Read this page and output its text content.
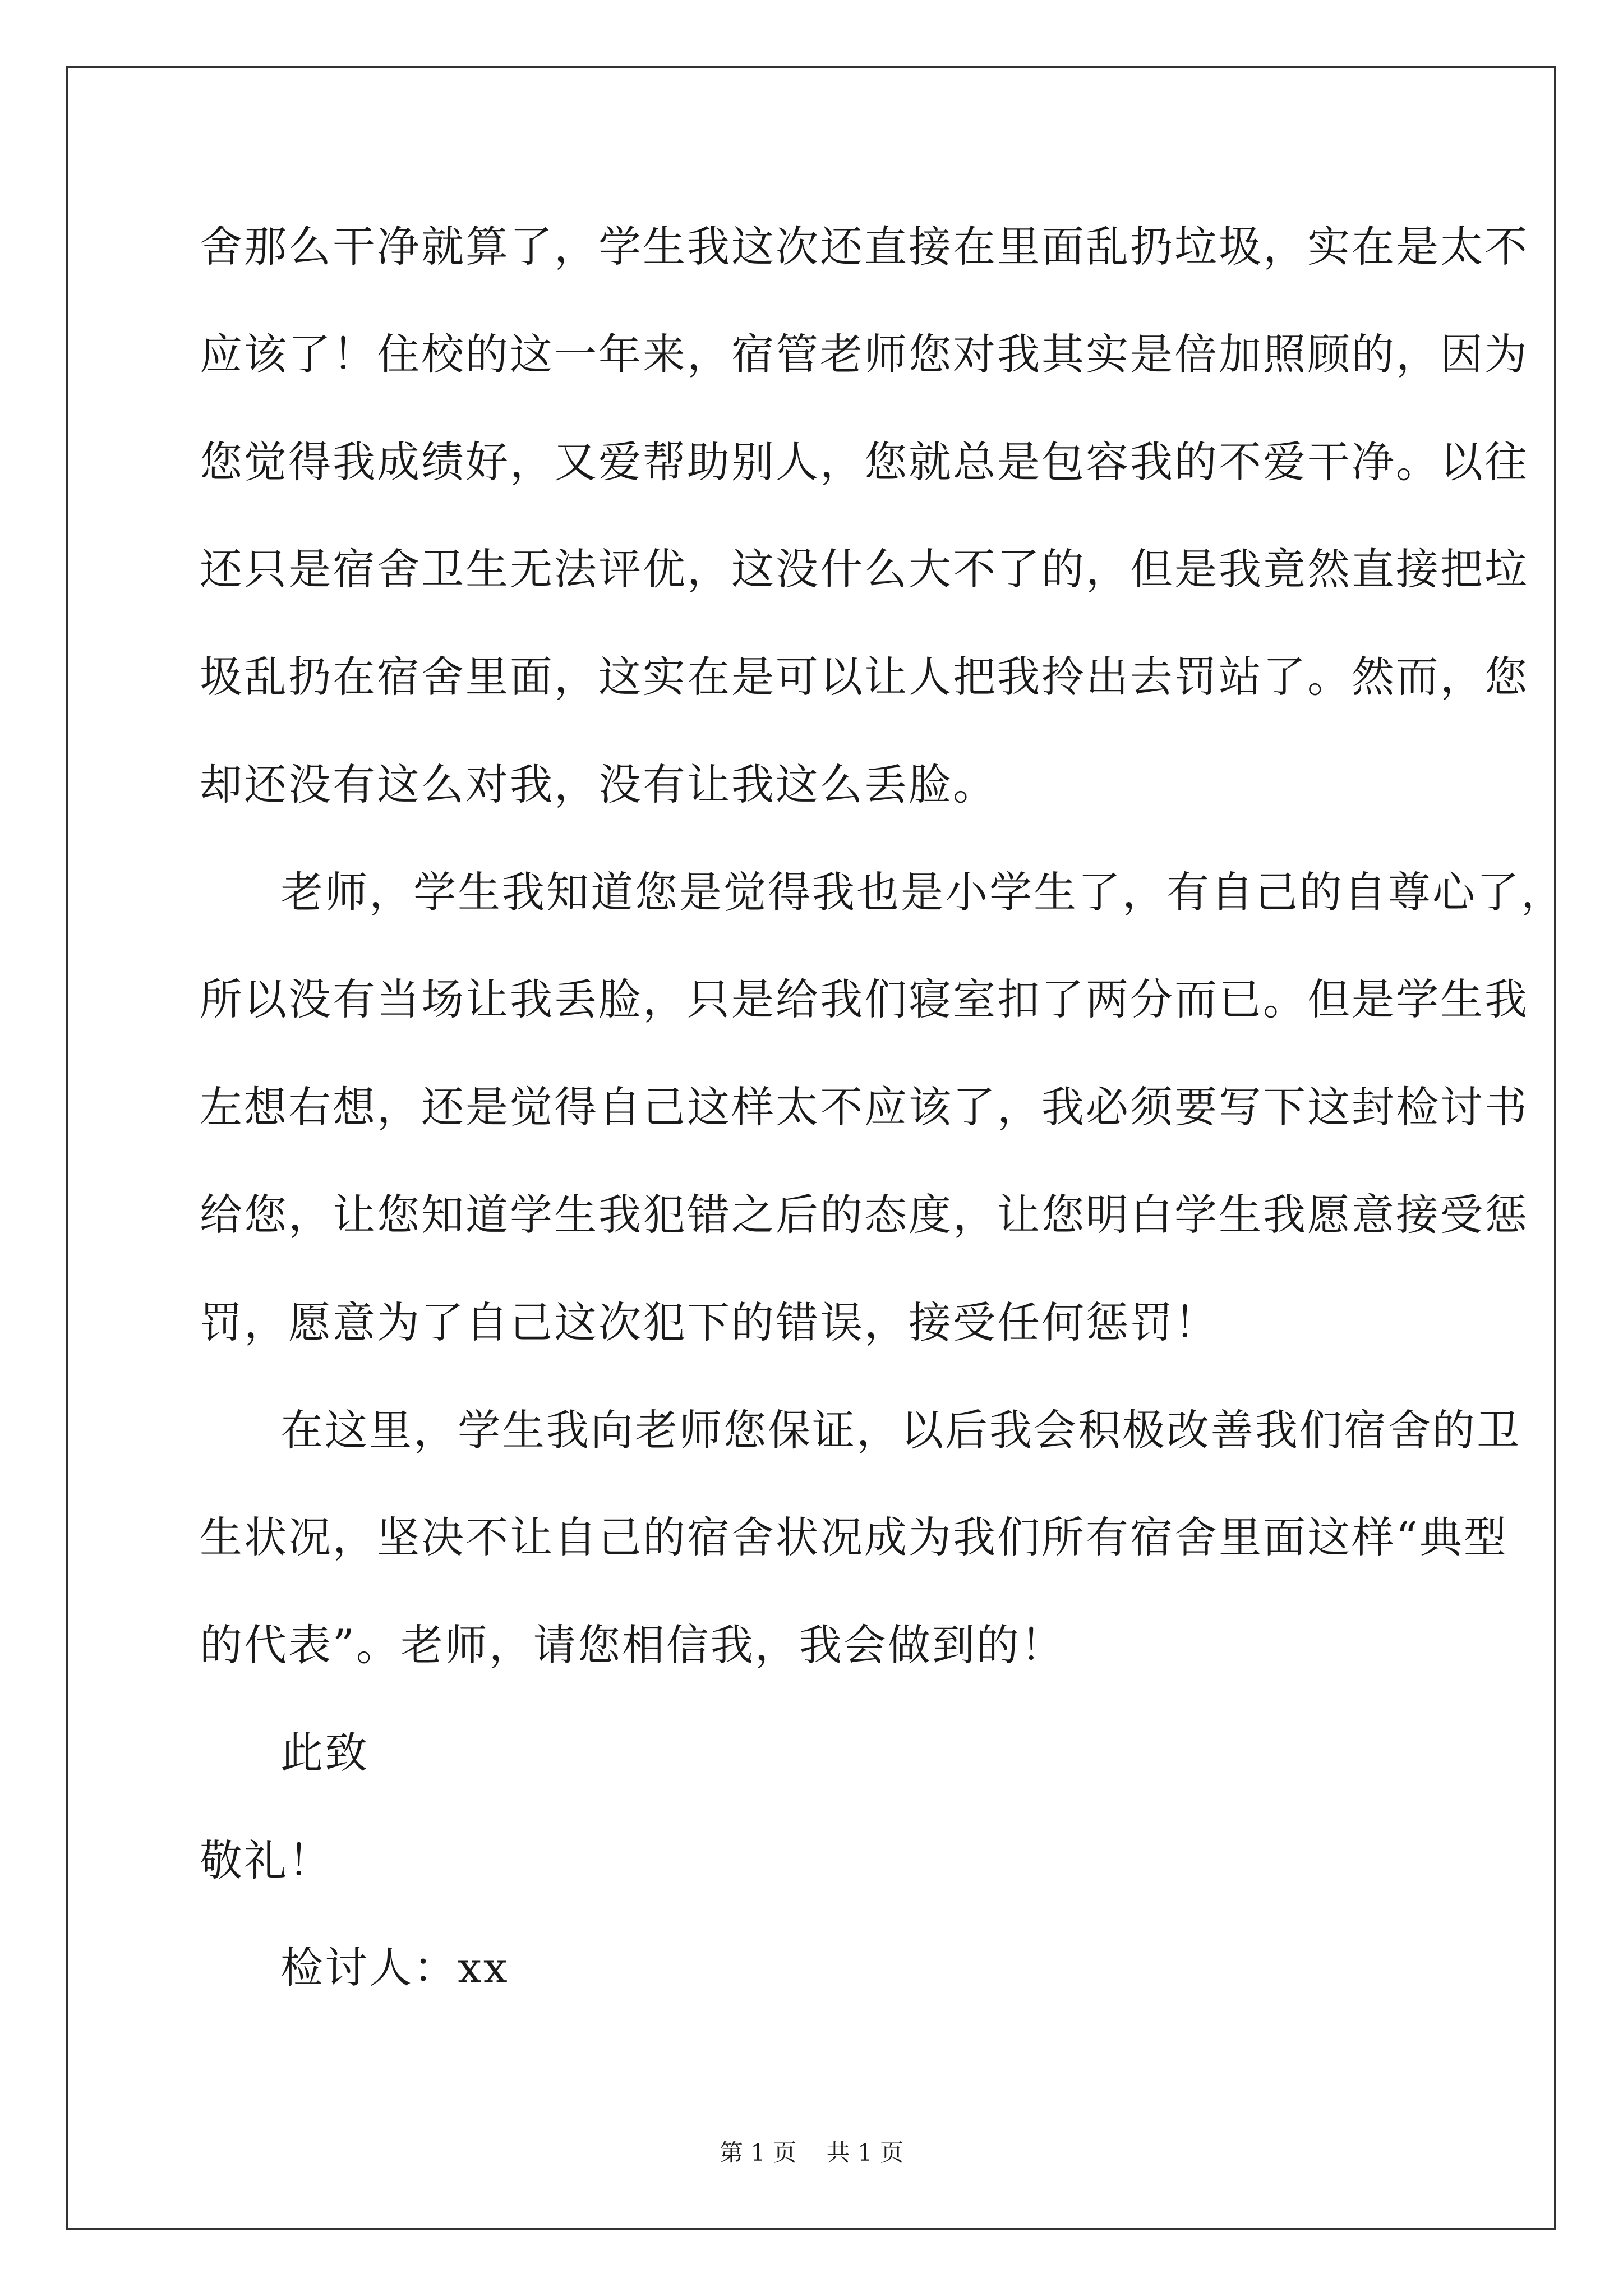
舍那么干净就算了，学生我这次还直接在里面乱扔垃圾，实在是太不
应该了！住校的这一年来，宿管老师您对我其实是倍加照顾的，因为
您觉得我成绩好，又爱帮助别人，您就总是包容我的不爱干净。以往
还只是宿舍卫生无法评优，这没什么大不了的，但是我竟然直接把垃
圾乱扔在宿舍里面，这实在是可以让人把我拎出去罚站了。然而，您
却还没有这么对我，没有让我这么丢脸。
老师，学生我知道您是觉得我也是小学生了，有自己的自尊心了，
所以没有当场让我丢脸，只是给我们寝室扣了两分而已。但是学生我
左想右想，还是觉得自己这样太不应该了，我必须要写下这封检讨书
给您，让您知道学生我犯错之后的态度，让您明白学生我愿意接受惩
罚，愿意为了自己这次犯下的错误，接受任何惩罚！
在这里，学生我向老师您保证，以后我会积极改善我们宿舍的卫
生状况，坚决不让自己的宿舍状况成为我们所有宿舍里面这样“典型
的代表”。老师，请您相信我，我会做到的！
此致
敬礼！
检讨人：xx
第 1 页    共 1 页
